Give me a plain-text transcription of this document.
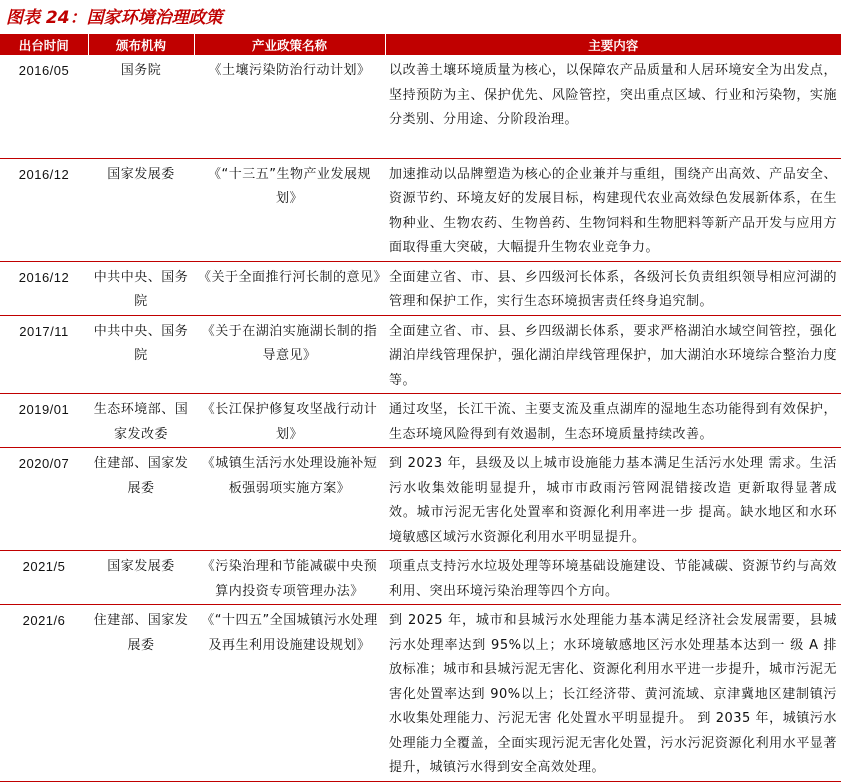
图表 24：国家环境治理政策
出台时间	颁布机构	产业政策名称	主要内容
2016/05	国务院	《土壤污染防治行动计划》	以改善土壤环境质量为核心，以保障农产品质量和人居环境安全为出发点，坚持预防为主、保护优先、风险管控，突出重点区域、行业和污染物，实施分类别、分用途、分阶段治理。
2016/12	国家发展委	《“十三五”生物产业发展规划》	加速推动以品牌塑造为核心的企业兼并与重组，围绕产出高效、产品安全、资源节约、环境友好的发展目标，构建现代农业高效绿色发展新体系，在生物种业、生物农药、生物兽药、生物饲料和生物肥料等新产品开发与应用方面取得重大突破，大幅提升生物农业竞争力。
2016/12	中共中央、国务院	《关于全面推行河长制的意见》	全面建立省、市、县、乡四级河长体系，各级河长负责组织领导相应河湖的管理和保护工作，实行生态环境损害责任终身追究制。
2017/11	中共中央、国务院	《关于在湖泊实施湖长制的指导意见》	全面建立省、市、县、乡四级湖长体系，要求严格湖泊水域空间管控，强化湖泊岸线管理保护，强化湖泊岸线管理保护，加大湖泊水环境综合整治力度等。
2019/01	生态环境部、国家发改委	《长江保护修复攻坚战行动计划》	通过攻坚，长江干流、主要支流及重点湖库的湿地生态功能得到有效保护，生态环境风险得到有效遏制，生态环境质量持续改善。
2020/07	住建部、国家发展委	《城镇生活污水处理设施补短板强弱项实施方案》	到 2023 年，县级及以上城市设施能力基本满足生活污水处理 需求。生活污水收集效能明显提升，城市市政雨污管网混错接改造 更新取得显著成效。城市污泥无害化处置率和资源化利用率进一步 提高。缺水地区和水环境敏感区域污水资源化利用水平明显提升。
2021/5	国家发展委	《污染治理和节能减碳中央预算内投资专项管理办法》	项重点支持污水垃圾处理等环境基础设施建设、节能减碳、资源节约与高效利用、突出环境污染治理等四个方向。
2021/6	住建部、国家发展委	《“十四五”全国城镇污水处理及再生利用设施建设规划》	到 2025 年，城市和县城污水处理能力基本满足经济社会发展需要，县城污水处理率达到 95%以上；水环境敏感地区污水处理基本达到一 级 A 排放标准；城市和县城污泥无害化、资源化利用水平进一步提升，城市污泥无害化处置率达到 90%以上；长江经济带、黄河流域、京津冀地区建制镇污水收集处理能力、污泥无害 化处置水平明显提升。 到 2035 年，城镇污水处理能力全覆盖，全面实现污泥无害化处置，污水污泥资源化利用水平显著提升，城镇污水得到安全高效处理。
